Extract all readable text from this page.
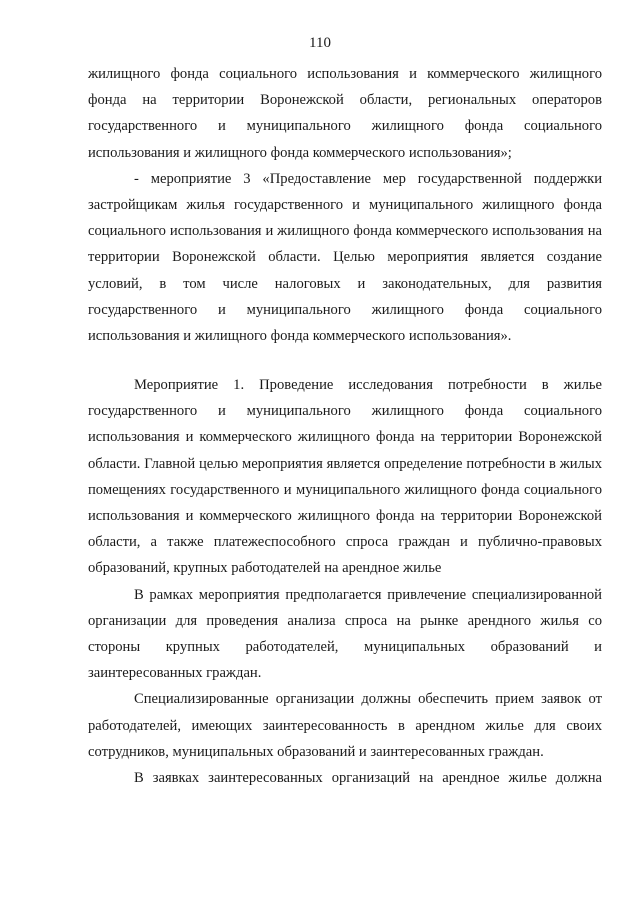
110

жилищного фонда социального использования и коммерческого жилищного фонда на территории Воронежской области, региональных операторов государственного и муниципального жилищного фонда социального использования и жилищного фонда коммерческого использования»;

- мероприятие 3 «Предоставление мер государственной поддержки застройщикам жилья государственного и муниципального жилищного фонда социального использования и жилищного фонда коммерческого использования на территории Воронежской области. Целью мероприятия является создание условий, в том числе налоговых и законодательных, для развития государственного и муниципального жилищного фонда социального использования и жилищного фонда коммерческого использования».

Мероприятие 1. Проведение исследования потребности в жилье государственного и муниципального жилищного фонда социального использования и коммерческого жилищного фонда на территории Воронежской области. Главной целью мероприятия является определение потребности в жилых помещениях государственного и муниципального жилищного фонда социального использования и коммерческого жилищного фонда на территории Воронежской области, а также платежеспособного спроса граждан и публично-правовых образований, крупных работодателей на арендное жилье

В рамках мероприятия предполагается привлечение специализированной организации для проведения анализа спроса на рынке арендного жилья со стороны крупных работодателей, муниципальных образований и заинтересованных граждан.

Специализированные организации должны обеспечить прием заявок от работодателей, имеющих заинтересованность в арендном жилье для своих сотрудников, муниципальных образований и заинтересованных граждан.

В заявках заинтересованных организаций на арендное жилье должна
